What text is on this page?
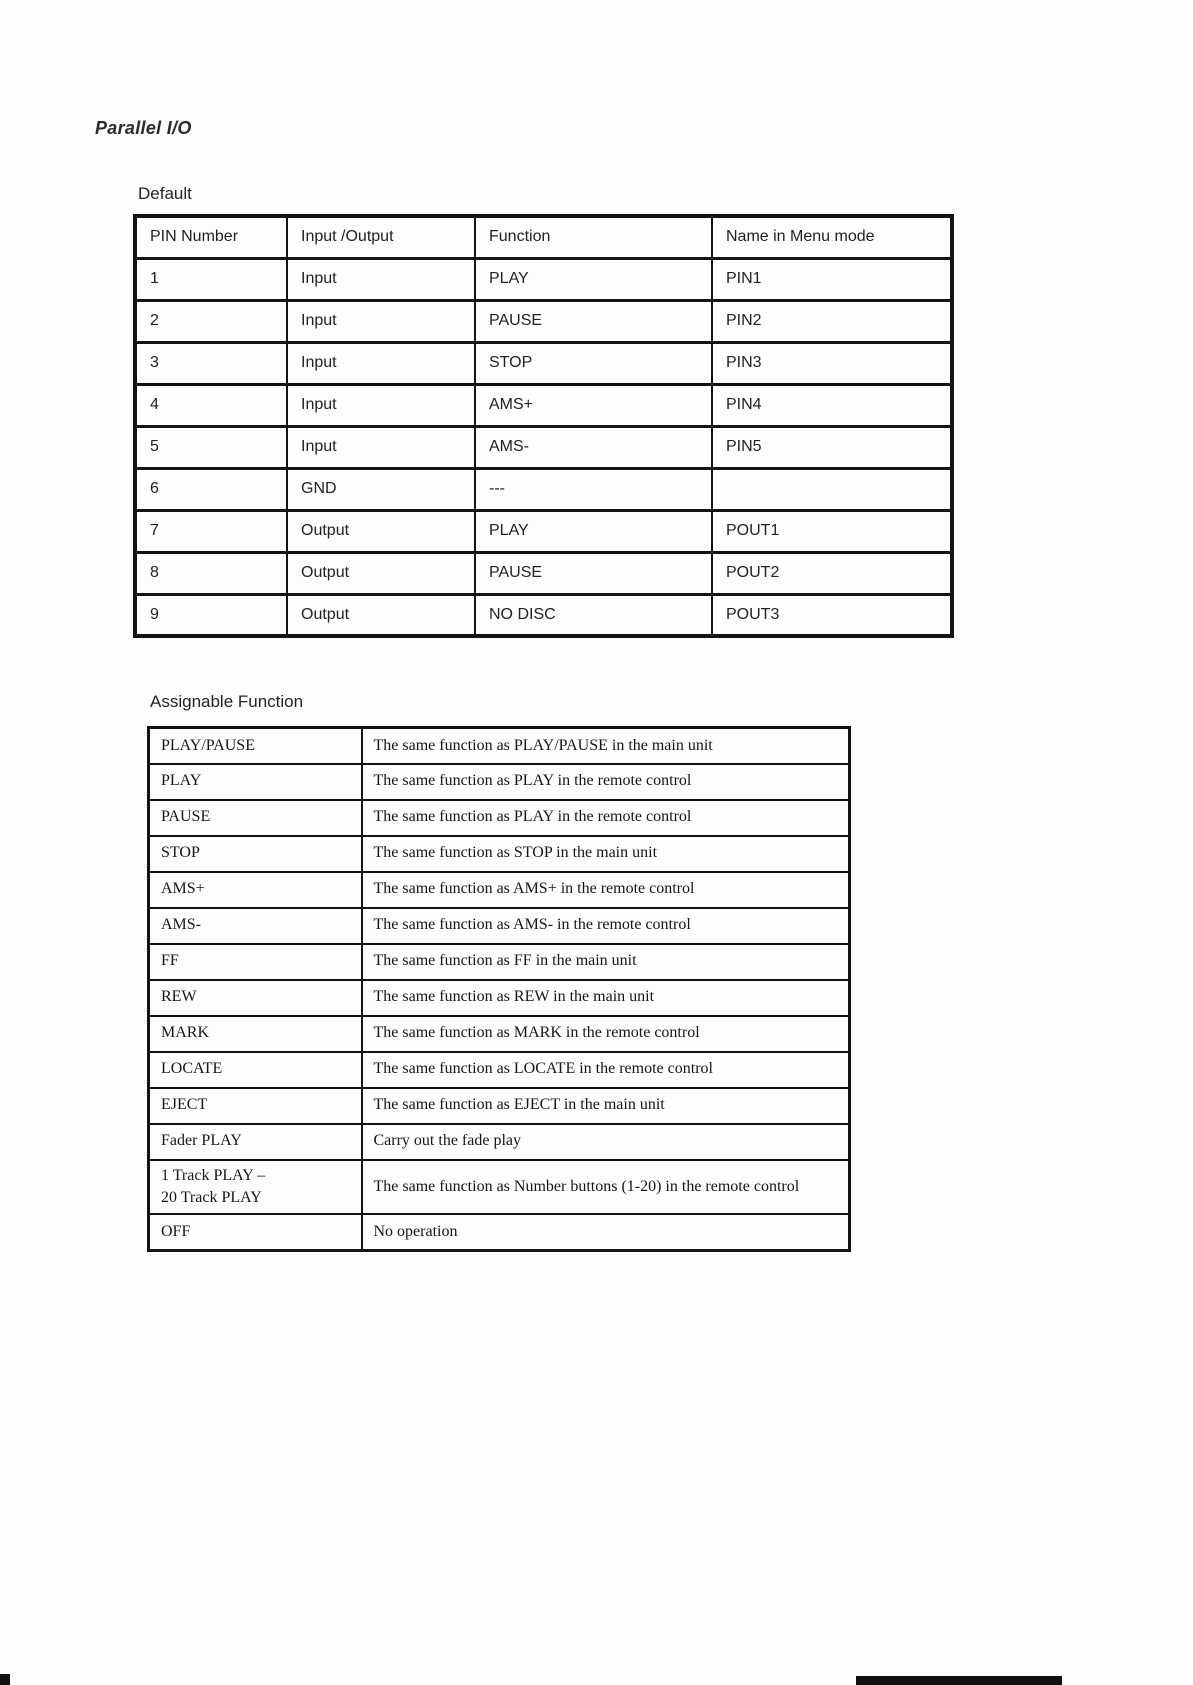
Parallel I/O
Default
PIN Number	Input /Output	Function	Name in Menu mode
1	Input	PLAY	PIN1
2	Input	PAUSE	PIN2
3	Input	STOP	PIN3
4	Input	AMS+	PIN4
5	Input	AMS-	PIN5
6	GND	---	
7	Output	PLAY	POUT1
8	Output	PAUSE	POUT2
9	Output	NO DISC	POUT3
Assignable Function
PLAY/PAUSE	The same function as PLAY/PAUSE in the main unit
PLAY	The same function as PLAY in the remote control
PAUSE	The same function as PLAY in the remote control
STOP	The same function as STOP in the main unit
AMS+	The same function as AMS+ in the remote control
AMS-	The same function as AMS- in the remote control
FF	The same function as FF in the main unit
REW	The same function as REW in the main unit
MARK	The same function as MARK in the remote control
LOCATE	The same function as LOCATE in the remote control
EJECT	The same function as EJECT in the main unit
Fader PLAY	Carry out the fade play
1 Track PLAY –
20 Track PLAY	The same function as Number buttons (1-20) in the remote control
OFF	No operation
